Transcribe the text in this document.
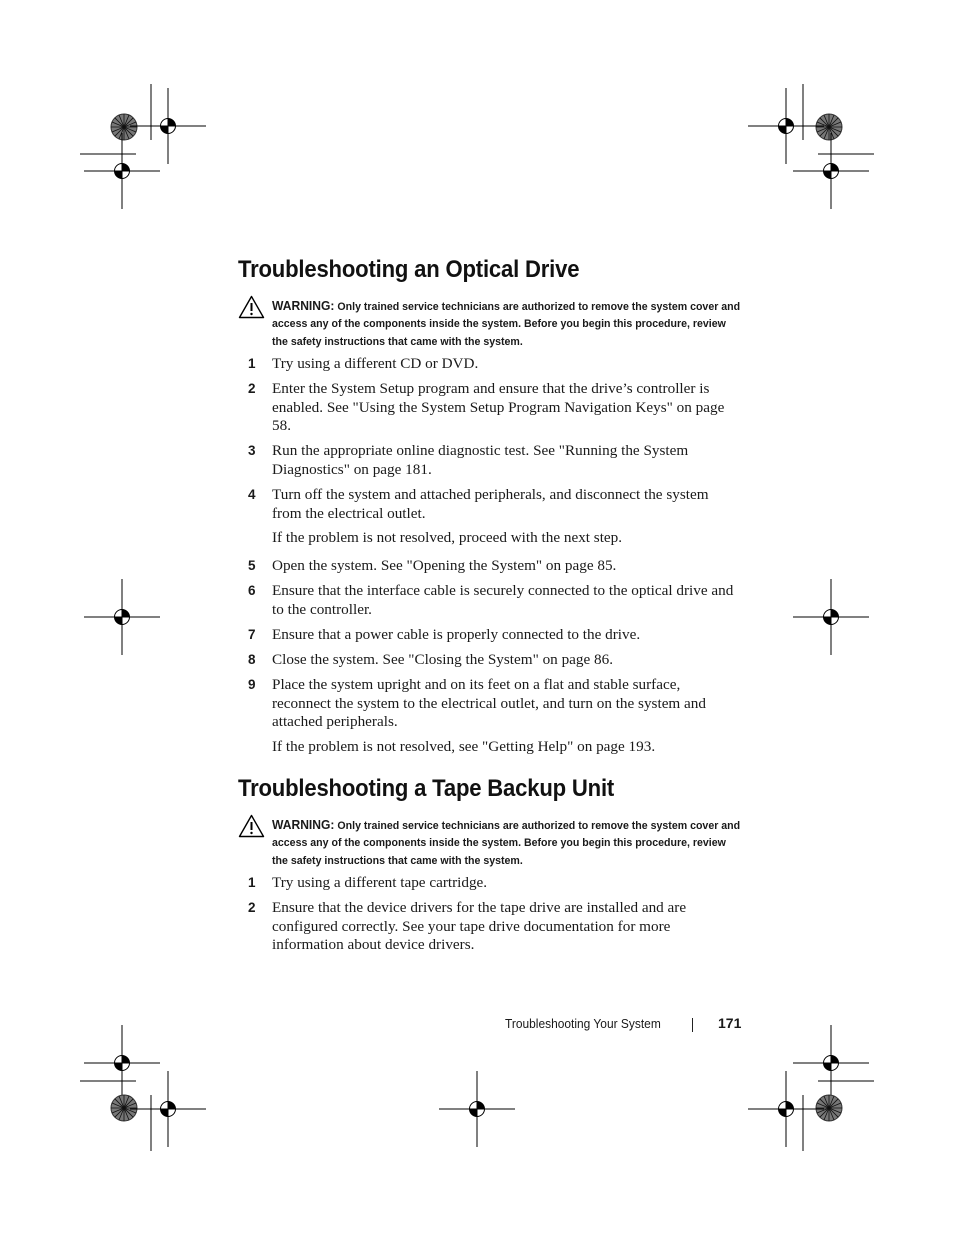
Troubleshooting an Optical Drive
WARNING: Only trained service technicians are authorized to remove the system cover and access any of the components inside the system. Before you begin this procedure, review the safety instructions that came with the system.
1 Try using a different CD or DVD.
2 Enter the System Setup program and ensure that the drive’s controller is enabled. See "Using the System Setup Program Navigation Keys" on page 58.
3 Run the appropriate online diagnostic test. See "Running the System Diagnostics" on page 181.
4 Turn off the system and attached peripherals, and disconnect the system from the electrical outlet.
If the problem is not resolved, proceed with the next step.
5 Open the system. See "Opening the System" on page 85.
6 Ensure that the interface cable is securely connected to the optical drive and to the controller.
7 Ensure that a power cable is properly connected to the drive.
8 Close the system. See "Closing the System" on page 86.
9 Place the system upright and on its feet on a flat and stable surface, reconnect the system to the electrical outlet, and turn on the system and attached peripherals.
If the problem is not resolved, see "Getting Help" on page 193.
Troubleshooting a Tape Backup Unit
WARNING: Only trained service technicians are authorized to remove the system cover and access any of the components inside the system. Before you begin this procedure, review the safety instructions that came with the system.
1 Try using a different tape cartridge.
2 Ensure that the device drivers for the tape drive are installed and are configured correctly. See your tape drive documentation for more information about device drivers.
Troubleshooting Your System	171
